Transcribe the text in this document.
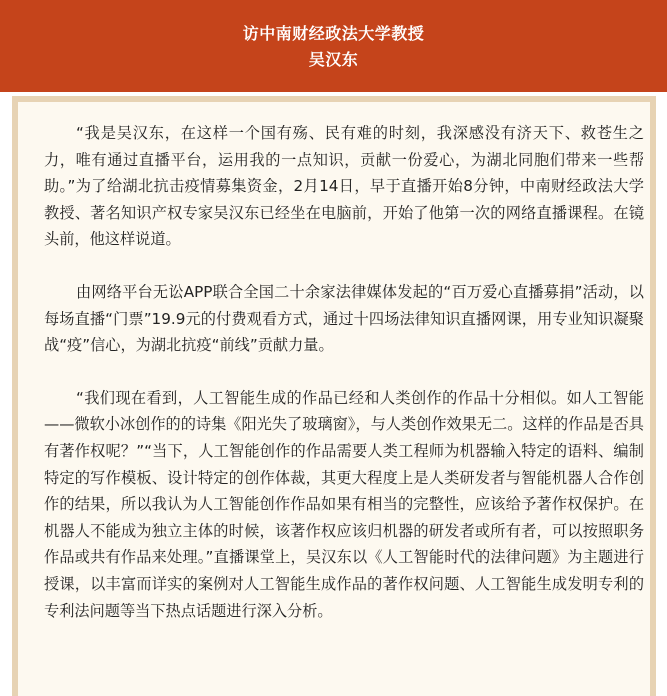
访中南财经政法大学教授
吴汉东

“我是吴汉东，在这样一个国有殇、民有难的时刻，我深感没有济天下、救苍生之力，唯有通过直播平台，运用我的一点知识，贡献一份爱心，为湖北同胞们带来一些帮助。”为了给湖北抗击疫情募集资金，2月14日，早于直播开始8分钟，中南财经政法大学教授、著名知识产权专家吴汉东已经坐在电脑前，开始了他第一次的网络直播课程。在镜头前，他这样说道。

由网络平台无讼APP联合全国二十余家法律媒体发起的“百万爱心直播募捐”活动，以每场直播“门票”19.9元的付费观看方式，通过十四场法律知识直播网课，用专业知识凝聚战“疫”信心，为湖北抗疫“前线”贡献力量。

“我们现在看到，人工智能生成的作品已经和人类创作的作品十分相似。如人工智能——微软小冰创作的的诗集《阳光失了玻璃窗》，与人类创作效果无二。这样的作品是否具有著作权呢？”“当下，人工智能创作的作品需要人类工程师为机器输入特定的语料、编制特定的写作模板、设计特定的创作体裁，其更大程度上是人类研发者与智能机器人合作创作的结果，所以我认为人工智能创作作品如果有相当的完整性，应该给予著作权保护。在机器人不能成为独立主体的时候，该著作权应该归机器的研发者或所有者，可以按照职务作品或共有作品来处理。”直播课堂上，吴汉东以《人工智能时代的法律问题》为主题进行授课，以丰富而详实的案例对人工智能生成作品的著作权问题、人工智能生成发明专利的专利法问题等当下热点话题进行深入分析。
